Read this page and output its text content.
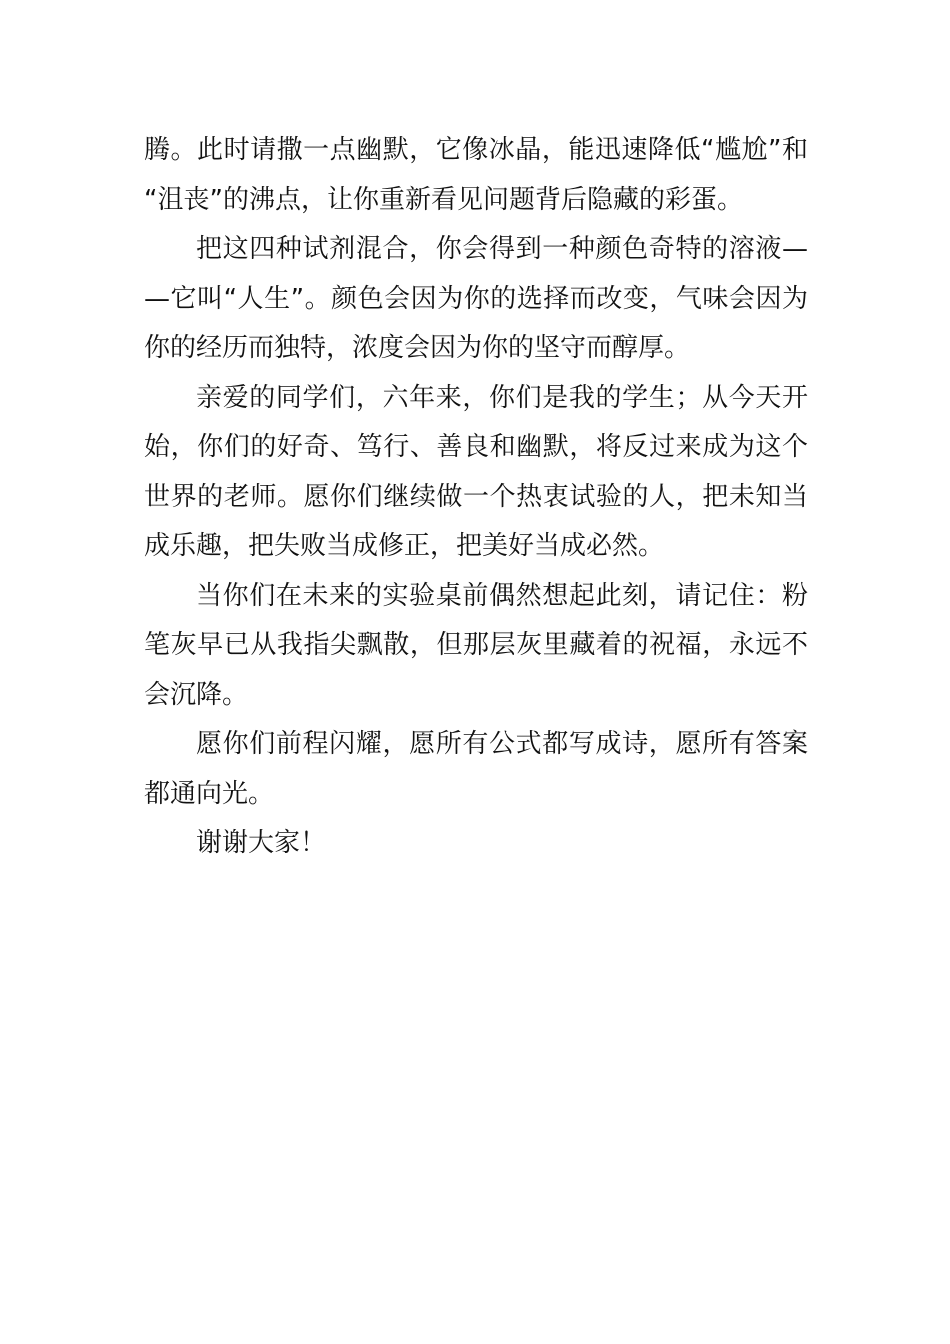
腾。此时请撒一点幽默，它像冰晶，能迅速降低“尴尬”和“沮丧”的沸点，让你重新看见问题背后隐藏的彩蛋。

把这四种试剂混合，你会得到一种颜色奇特的溶液——它叫“人生”。颜色会因为你的选择而改变，气味会因为你的经历而独特，浓度会因为你的坚守而醇厚。

亲爱的同学们，六年来，你们是我的学生；从今天开始，你们的好奇、笃行、善良和幽默，将反过来成为这个世界的老师。愿你们继续做一个热衷试验的人，把未知当成乐趣，把失败当成修正，把美好当成必然。

当你们在未来的实验桌前偶然想起此刻，请记住：粉笔灰早已从我指尖飘散，但那层灰里藏着的祝福，永远不会沉降。

愿你们前程闪耀，愿所有公式都写成诗，愿所有答案都通向光。

谢谢大家！
